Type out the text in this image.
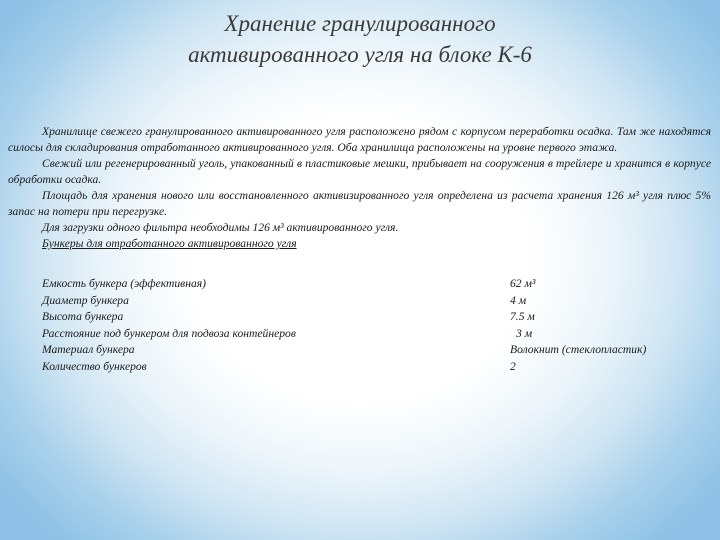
Хранение гранулированного
активированного угля на блоке К-6

Хранилище свежего гранулированного активированного угля расположено рядом с корпусом переработки осадка. Там же находятся силосы для складирования отработанного активированного угля. Оба хранилища расположены на уровне первого этажа.

Свежий или регенерированный уголь, упакованный в пластиковые мешки, прибывает на сооружения в трейлере и хранится в корпусе обработки осадка.

Площадь для хранения нового или восстановленного активизированного угля определена из расчета хранения 126 м³ угля плюс 5% запас на потери при перегрузке.

Для загрузки одного фильтра необходимы 126 м³ активированного угля.

Бункеры для отработанного активированного угля

Емкость бункера (эффективная)	62 м³
Диаметр бункера	4 м
Высота бункера	7.5 м
Расстояние под бункером для подвоза контейнеров	3 м
Материал бункера	Волокнит (стеклопластик)
Количество бункеров	2
